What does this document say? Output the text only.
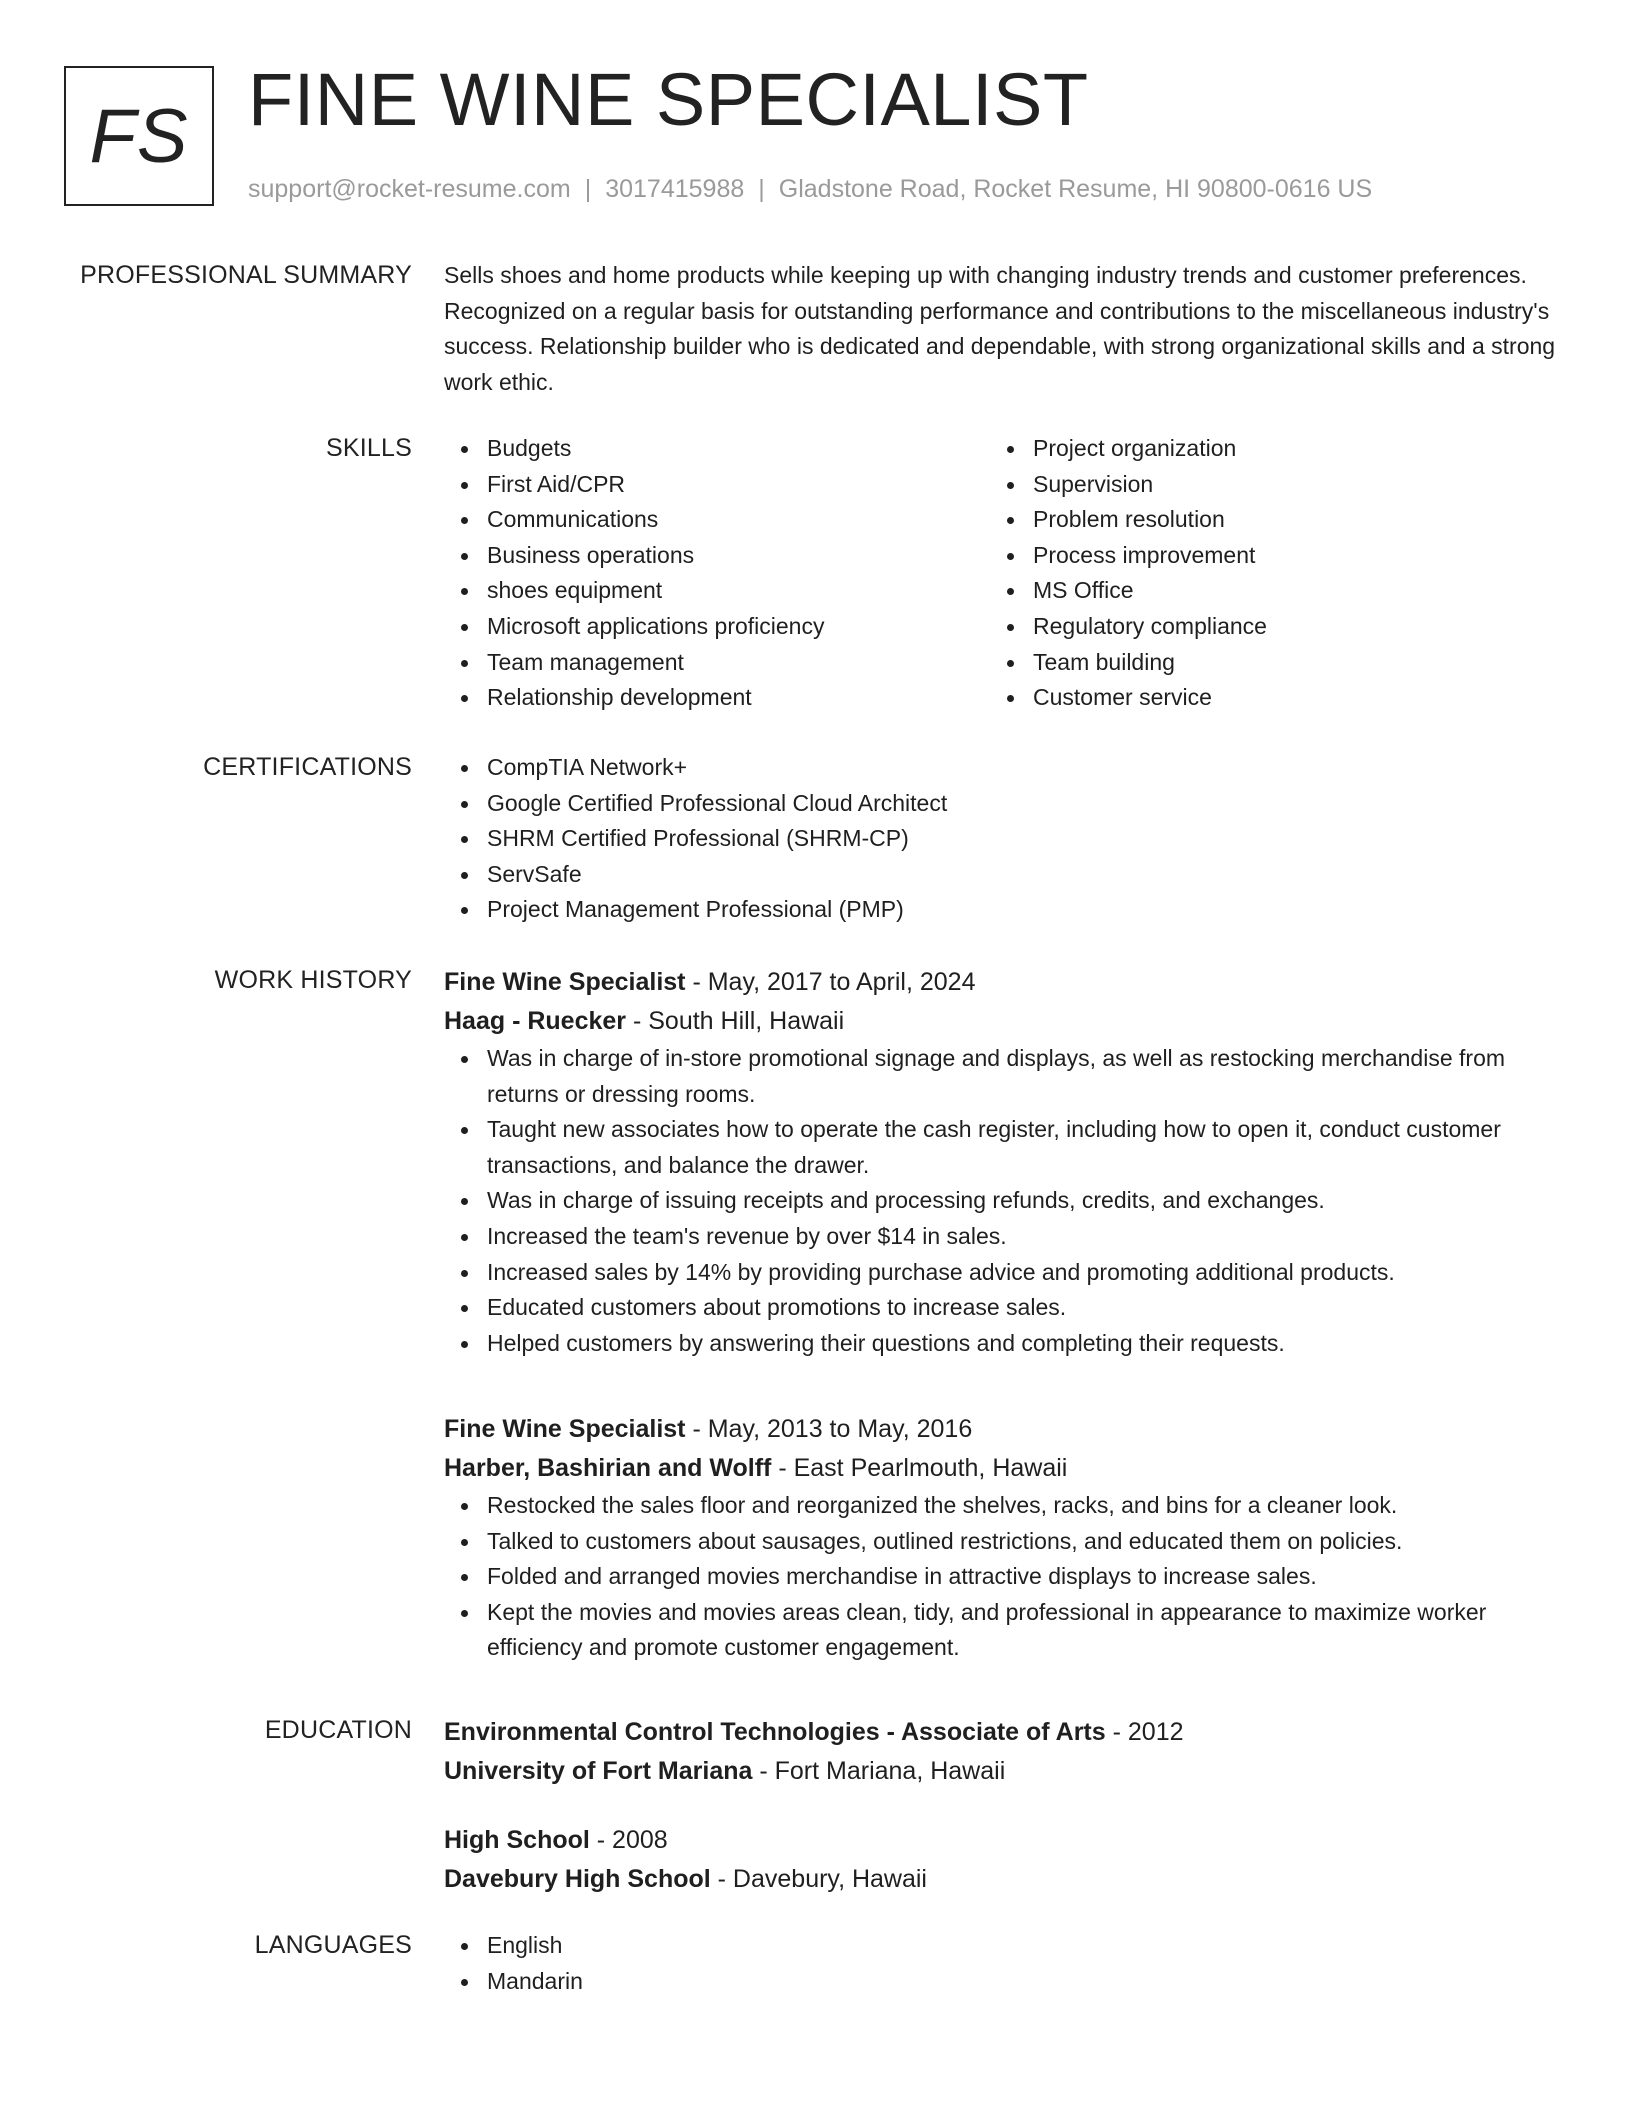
FS FINE WINE SPECIALIST
support@rocket-resume.com | 3017415988 | Gladstone Road, Rocket Resume, HI 90800-0616 US
PROFESSIONAL SUMMARY Sells shoes and home products while keeping up with changing industry trends and customer preferences. Recognized on a regular basis for outstanding performance and contributions to the miscellaneous industry's success. Relationship builder who is dedicated and dependable, with strong organizational skills and a strong work ethic.

SKILLS	Budgets
First Aid/CPR
Communications
Business operations
shoes equipment
Microsoft applications proficiency
Team management
Relationship development
Project organization
Supervision
Problem resolution
Process improvement
MS Office
Regulatory compliance
Team building
Customer service
CERTIFICATIONS	CompTIA Network+
Google Certified Professional Cloud Architect
SHRM Certified Professional (SHRM-CP)
ServSafe
Project Management Professional (PMP)
WORK HISTORY Fine Wine Specialist - May, 2017 to April, 2024
Haag - Ruecker - South Hill, Hawaii
Was in charge of in-store promotional signage and displays, as well as restocking merchandise from returns or dressing rooms.
Taught new associates how to operate the cash register, including how to open it, conduct customer transactions, and balance the drawer.
Was in charge of issuing receipts and processing refunds, credits, and exchanges.
Increased the team's revenue by over $14 in sales.
Increased sales by 14% by providing purchase advice and promoting additional products.
Educated customers about promotions to increase sales.
Helped customers by answering their questions and completing their requests.
Fine Wine Specialist - May, 2013 to May, 2016
Harber, Bashirian and Wolff - East Pearlmouth, Hawaii
Restocked the sales floor and reorganized the shelves, racks, and bins for a cleaner look.
Talked to customers about sausages, outlined restrictions, and educated them on policies.
Folded and arranged movies merchandise in attractive displays to increase sales.
Kept the movies and movies areas clean, tidy, and professional in appearance to maximize worker efficiency and promote customer engagement.
EDUCATION Environmental Control Technologies - Associate of Arts - 2012
University of Fort Mariana - Fort Mariana, Hawaii
High School - 2008
Davebury High School - Davebury, Hawaii
LANGUAGES	English
Mandarin
